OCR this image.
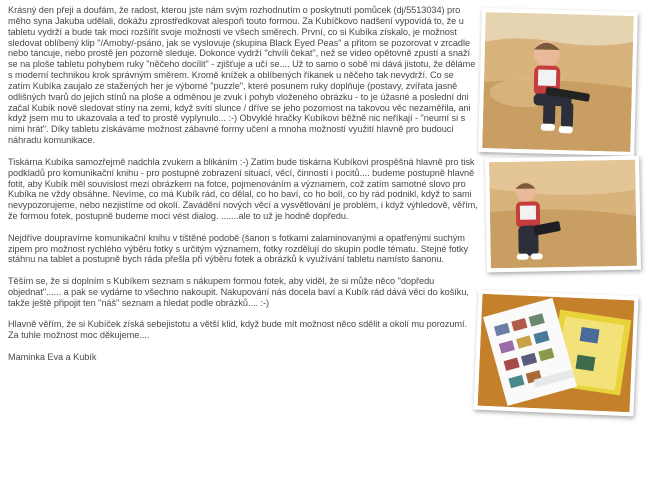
Krásný den přeji a doufám, že radost, kterou jste nám svým rozhodnutím o poskytnutí pomůcek (dj/5513034) pro měho syna Jakuba udělali, dokážu zprostředkovat alespoň touto formou. Za Kubíčkovo nadšení vypovídá to, že u tabletu vydrží a bude tak moci rozšířit svoje možnosti ve všech směrech. První, co si Kubíka získalo, je možnost sledovat oblíbený klip "/Amoby/-psáno, jak se vyslovuje (skupina Black Eyed Peas" a přitom se pozorovat v zrcadle nebo tancuje, nebo prostě jen pozorně sleduje. Dokonce vydrží "chvíli čekat", než se video opětovně zpustí a snaží se na ploše tabletu pohybem ruky "něčeho docílit" - zjišťuje a učí se.... Už to samo o sobě mi dává jistotu, že děláme s moderní technikou krok správným směrem. Kromě knížek a oblíbených říkanek u něčeho tak nevydrží. Co se zatím Kubíka zaujalo ze stažených her je výborné "puzzle", které posunem ruky doplňuje (postavy, zvířata jasně odlišných tvarů do jejich stínů na ploše a odměnou je zvuk i pohyb vloženého obrázku - to je úžasné a poslední dni začal Kubík nově sledovat stíny na zemi, když svítí slunce / dříve se jeho pozornost na takovou věc nezaměřila, ani když jsem mu to ukazovala a teď to prostě vyplynulo... :-) Obvyklé hračky Kubíkovi běžně nic neříkají - "neumí si s nimi hrát". Díky tabletu získáváme možnost zábavné formy učení a mnoha možností využití hlavně pro budoucí náhradu komunikace.

Tiskárna Kubíka samozřejmě nadchla zvukem a blikáním :-) Zatím bude tiskárna Kubíkovi prospěšná hlavně pro tisk podkladů pro komunikační knihu - pro postupné zobrazení situací, věcí, činností i pocitů.... budeme postupně hlavně fotit, aby Kubík měl souvislost mezi obrázkem na fotce, pojmenováním a významem, což zatím samotné slovo pro Kubíka ne vždy obsáhne. Nevíme, co má Kubík rád, co dělal, co ho baví, co ho bolí, co by rád podnikl, když to sami nevypozorujeme, nebo nezjistíme od okolí. Zavádění nových věcí a vysvětlování je problém, i když výhledově, věřím, že formou fotek, postupně budeme moci vést dialog. .......ale to už je hodně dopředu.

Nejdříve doupravíme komunikační knihu v tištěné podobě (šanon s fotkami zalaminovanými a opatřenými suchým zipem pro možnost rychlého výběru fotky s určitým významem, fotky rozdělují do skupin podle tématu. Stejné fotky stáhnu na tablet a postupně bych ráda přešla při výběru fotek a obrázků k využívání tabletu namísto šanonu.

Těším se, že si doplním s Kubíkem seznam s nákupem formou fotek, aby viděl, že si může něco "dopředu objednat"...... a pak se vydáme to všechno nakoupit. Nakupování nás docela baví a Kubík rád dává věci do košíku, takže ještě připojit ten "náš" seznam a hledat podle obrázků.... :-)

Hlavně věřím, že si Kubíček získá sebejistotu a větší klid, když bude mít možnost něco sdělit a okolí mu porozumí. Za tuhle možnost moc děkujeme....

Maminka Eva a Kubík
